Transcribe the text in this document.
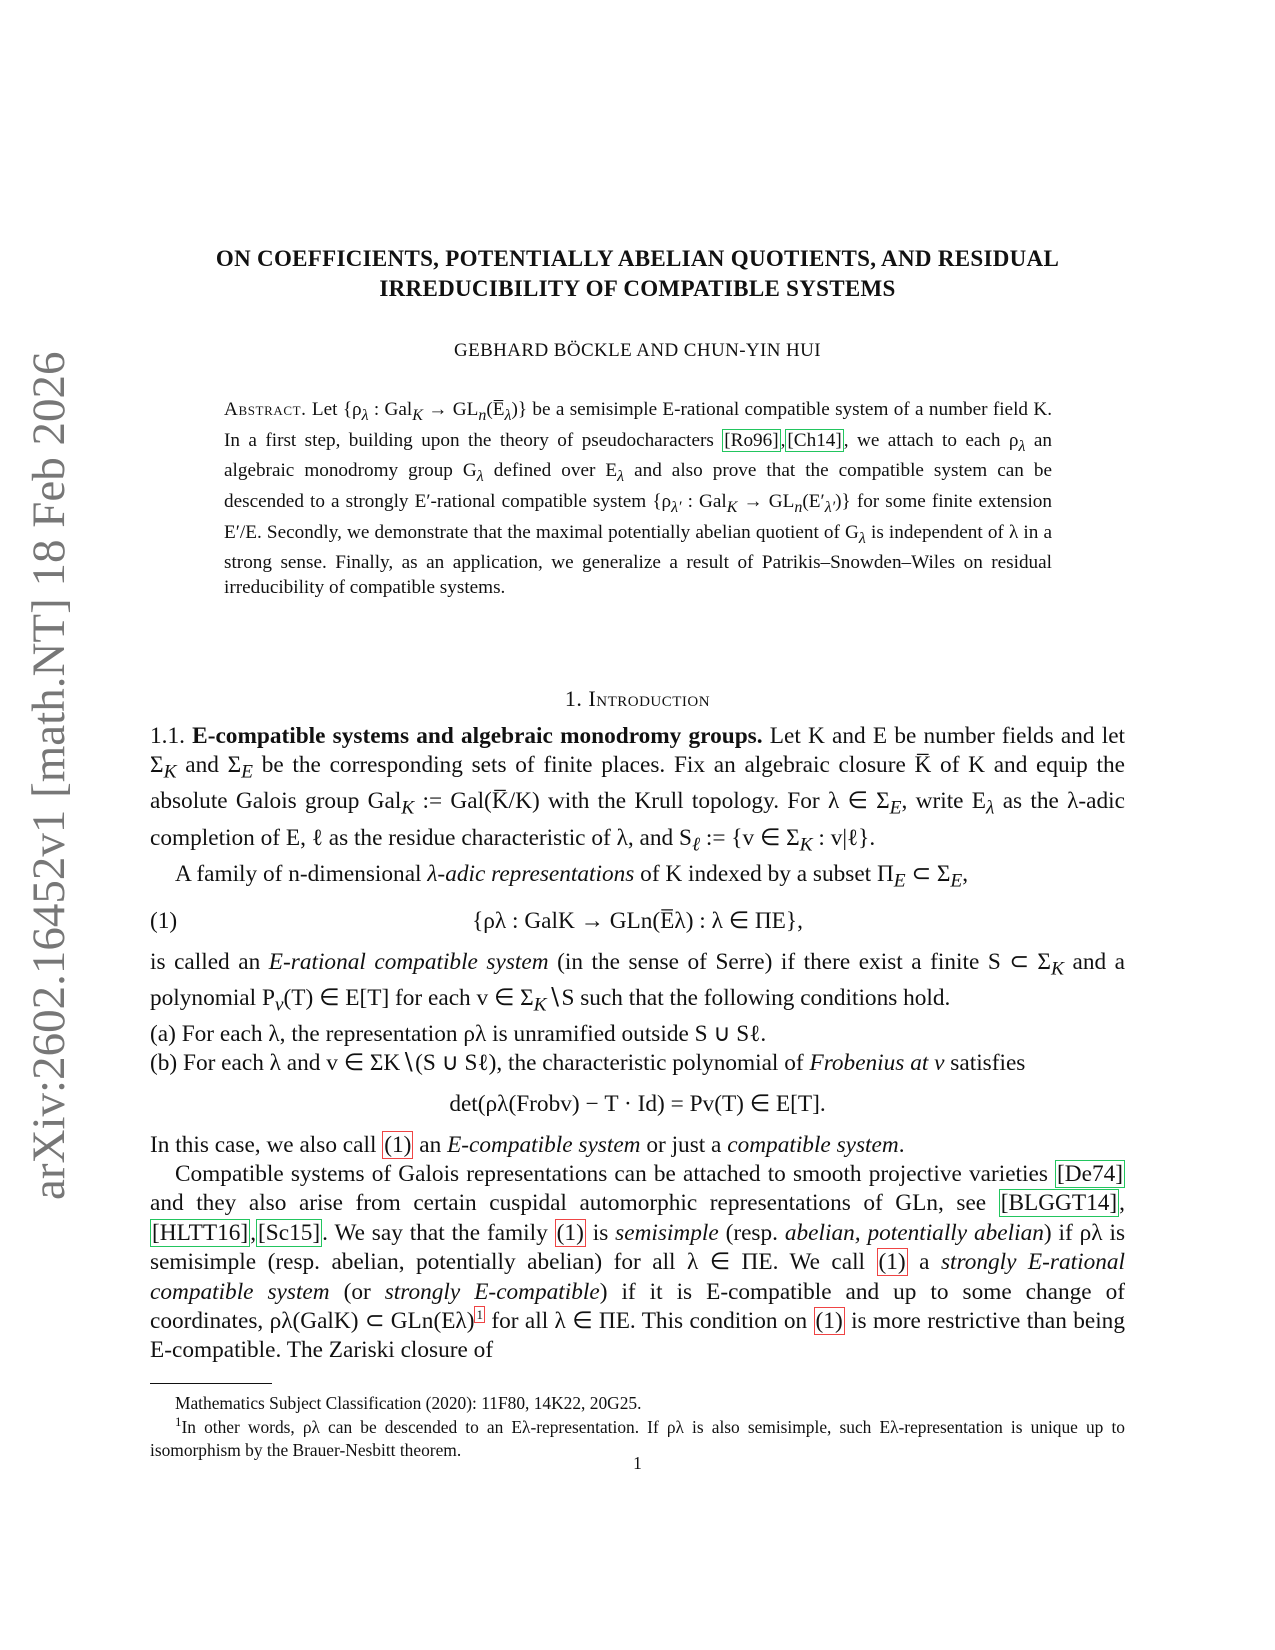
arXiv:2602.16452v1 [math.NT] 18 Feb 2026
ON COEFFICIENTS, POTENTIALLY ABELIAN QUOTIENTS, AND RESIDUAL
IRREDUCIBILITY OF COMPATIBLE SYSTEMS
GEBHARD BÖCKLE AND CHUN-YIN HUI
Abstract. Let {$\rho_\lambda$ : $Gal_K \to GL_n(E̅_\lambda)$} be a semisimple E-rational compatible system of a number field K. In a first step, building upon the theory of pseudocharacters [Ro96] , [Ch14] , we attach to each $\rho_\lambda$ an algebraic monodromy group $G_\lambda$ defined over $E_\lambda$ and also prove that the compatible system can be descended to a strongly E′-rational compatible system {$\rho_{\lambda'}$ : $Gal_K \to GL_n(E'_{\lambda'})$} for some finite extension E′/E. Secondly, we demonstrate that the maximal potentially abelian quotient of $G_\lambda$ is independent of λ in a strong sense. Finally, as an application, we generalize a result of Patrikis–Snowden–Wiles on residual irreducibility of compatible systems.
1. Introduction

1.1. E-compatible systems and algebraic monodromy groups. Let K and E be number fields and let $\Sigma_K$ and $\Sigma_E$ be the corresponding sets of finite places. Fix an algebraic closure K̅ of K and equip the absolute Galois group Gal$_K$ := Gal(K̅/K) with the Krull topology. For λ ∈ $\Sigma_E$, write $E_\lambda$ as the λ-adic completion of E, ℓ as the residue characteristic of λ, and $S_\ell$ := {v ∈ $\Sigma_K$ : v|ℓ}.

A family of n-dimensional λ-adic representations of K indexed by a subset $\Pi_E$ ⊂ $\Sigma_E$,

(1)	{ρλ : GalK → GLn(E̅λ) : λ ∈ ΠE},

is called an E-rational compatible system (in the sense of Serre) if there exist a finite S ⊂ $\Sigma_K$ and a polynomial $P_v(T)$ ∈ E[T] for each v ∈ $\Sigma_K∖S$ such that the following conditions hold.

(a) For each λ, the representation ρλ is unramified outside S ∪ Sℓ.

(b) For each λ and v ∈ ΣK∖(S ∪ Sℓ), the characteristic polynomial of Frobenius at v satisfies

det(ρλ(Frobv) − T · Id) = Pv(T) ∈ E[T].

In this case, we also call (1) an E-compatible system or just a compatible system.

Compatible systems of Galois representations can be attached to smooth projective varieties [De74] and they also arise from certain cuspidal automorphic representations of GLn, see [BLGGT14],[HLTT16],[Sc15]. We say that the family (1) is semisimple (resp. abelian, potentially abelian) if ρλ is semisimple (resp. abelian, potentially abelian) for all λ ∈ ΠE. We call (1) a strongly E-rational compatible system (or strongly E-compatible) if it is E-compatible and up to some change of coordinates, ρλ(GalK) ⊂ GLn(Eλ) $^1$ for all λ ∈ ΠE. This condition on (1) is more restrictive than being E-compatible. The Zariski closure of

Mathematics Subject Classification (2020): 11F80, 14K22, 20G25.

$^1$In other words, ρλ can be descended to an Eλ-representation. If ρλ is also semisimple, such Eλ-representation is unique up to isomorphism by the Brauer-Nesbitt theorem.

1
